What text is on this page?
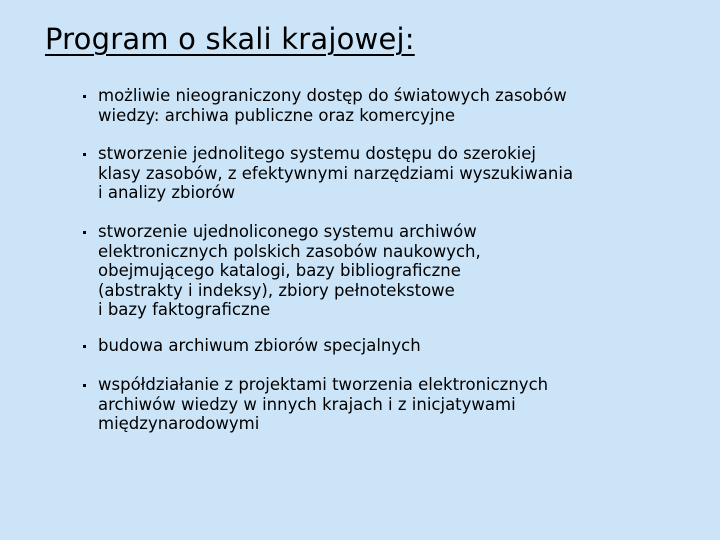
Program o skali krajowej:
możliwie nieograniczony dostęp do światowych zasobów
wiedzy: archiwa publiczne oraz komercyjne
stworzenie jednolitego systemu dostępu do szerokiej
klasy zasobów, z efektywnymi narzędziami wyszukiwania
i analizy zbiorów
stworzenie ujednoliconego systemu archiwów
elektronicznych polskich zasobów naukowych,
obejmującego katalogi, bazy bibliograficzne
(abstrakty i indeksy), zbiory pełnotekstowe
i bazy faktograficzne
budowa archiwum zbiorów specjalnych
współdziałanie z projektami tworzenia elektronicznych
archiwów wiedzy w innych krajach i z inicjatywami
międzynarodowymi
